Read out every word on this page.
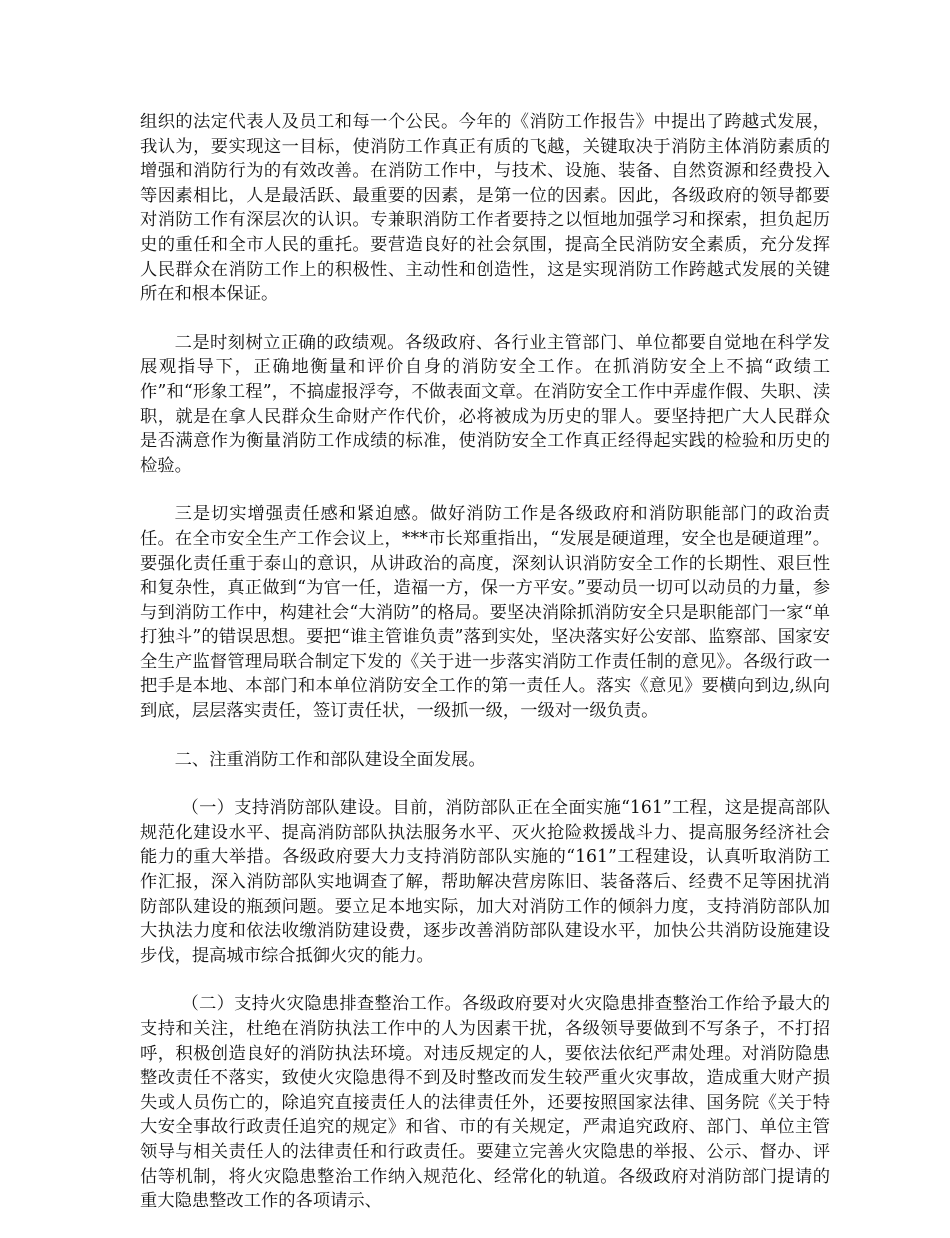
组织的法定代表人及员工和每一个公民。今年的《消防工作报告》中提出了跨越式发展，我认为，要实现这一目标，使消防工作真正有质的飞越，关键取决于消防主体消防素质的增强和消防行为的有效改善。在消防工作中，与技术、设施、装备、自然资源和经费投入等因素相比，人是最活跃、最重要的因素，是第一位的因素。因此，各级政府的领导都要对消防工作有深层次的认识。专兼职消防工作者要持之以恒地加强学习和探索，担负起历史的重任和全市人民的重托。要营造良好的社会氛围，提高全民消防安全素质，充分发挥人民群众在消防工作上的积极性、主动性和创造性，这是实现消防工作跨越式发展的关键所在和根本保证。

二是时刻树立正确的政绩观。各级政府、各行业主管部门、单位都要自觉地在科学发展观指导下，正确地衡量和评价自身的消防安全工作。在抓消防安全上不搞“政绩工作”和“形象工程”，不搞虚报浮夸，不做表面文章。在消防安全工作中弄虚作假、失职、渎职，就是在拿人民群众生命财产作代价，必将被成为历史的罪人。要坚持把广大人民群众是否满意作为衡量消防工作成绩的标准，使消防安全工作真正经得起实践的检验和历史的检验。

三是切实增强责任感和紧迫感。做好消防工作是各级政府和消防职能部门的政治责任。在全市安全生产工作会议上，***市长郑重指出，“发展是硬道理，安全也是硬道理”。要强化责任重于泰山的意识，从讲政治的高度，深刻认识消防安全工作的长期性、艰巨性和复杂性，真正做到“为官一任，造福一方，保一方平安。”要动员一切可以动员的力量，参与到消防工作中，构建社会“大消防”的格局。要坚决消除抓消防安全只是职能部门一家“单打独斗”的错误思想。要把“谁主管谁负责”落到实处，坚决落实好公安部、监察部、国家安全生产监督管理局联合制定下发的《关于进一步落实消防工作责任制的意见》。各级行政一把手是本地、本部门和本单位消防安全工作的第一责任人。落实《意见》要横向到边,纵向到底，层层落实责任，签订责任状，一级抓一级，一级对一级负责。

二、注重消防工作和部队建设全面发展。

（一）支持消防部队建设。目前，消防部队正在全面实施“161”工程，这是提高部队规范化建设水平、提高消防部队执法服务水平、灭火抢险救援战斗力、提高服务经济社会能力的重大举措。各级政府要大力支持消防部队实施的“161”工程建设，认真听取消防工作汇报，深入消防部队实地调查了解，帮助解决营房陈旧、装备落后、经费不足等困扰消防部队建设的瓶颈问题。要立足本地实际，加大对消防工作的倾斜力度，支持消防部队加大执法力度和依法收缴消防建设费，逐步改善消防部队建设水平，加快公共消防设施建设步伐，提高城市综合抵御火灾的能力。

（二）支持火灾隐患排查整治工作。各级政府要对火灾隐患排查整治工作给予最大的支持和关注，杜绝在消防执法工作中的人为因素干扰，各级领导要做到不写条子，不打招呼，积极创造良好的消防执法环境。对违反规定的人，要依法依纪严肃处理。对消防隐患整改责任不落实，致使火灾隐患得不到及时整改而发生较严重火灾事故，造成重大财产损失或人员伤亡的，除追究直接责任人的法律责任外，还要按照国家法律、国务院《关于特大安全事故行政责任追究的规定》和省、市的有关规定，严肃追究政府、部门、单位主管领导与相关责任人的法律责任和行政责任。要建立完善火灾隐患的举报、公示、督办、评估等机制，将火灾隐患整治工作纳入规范化、经常化的轨道。各级政府对消防部门提请的重大隐患整改工作的各项请示、
